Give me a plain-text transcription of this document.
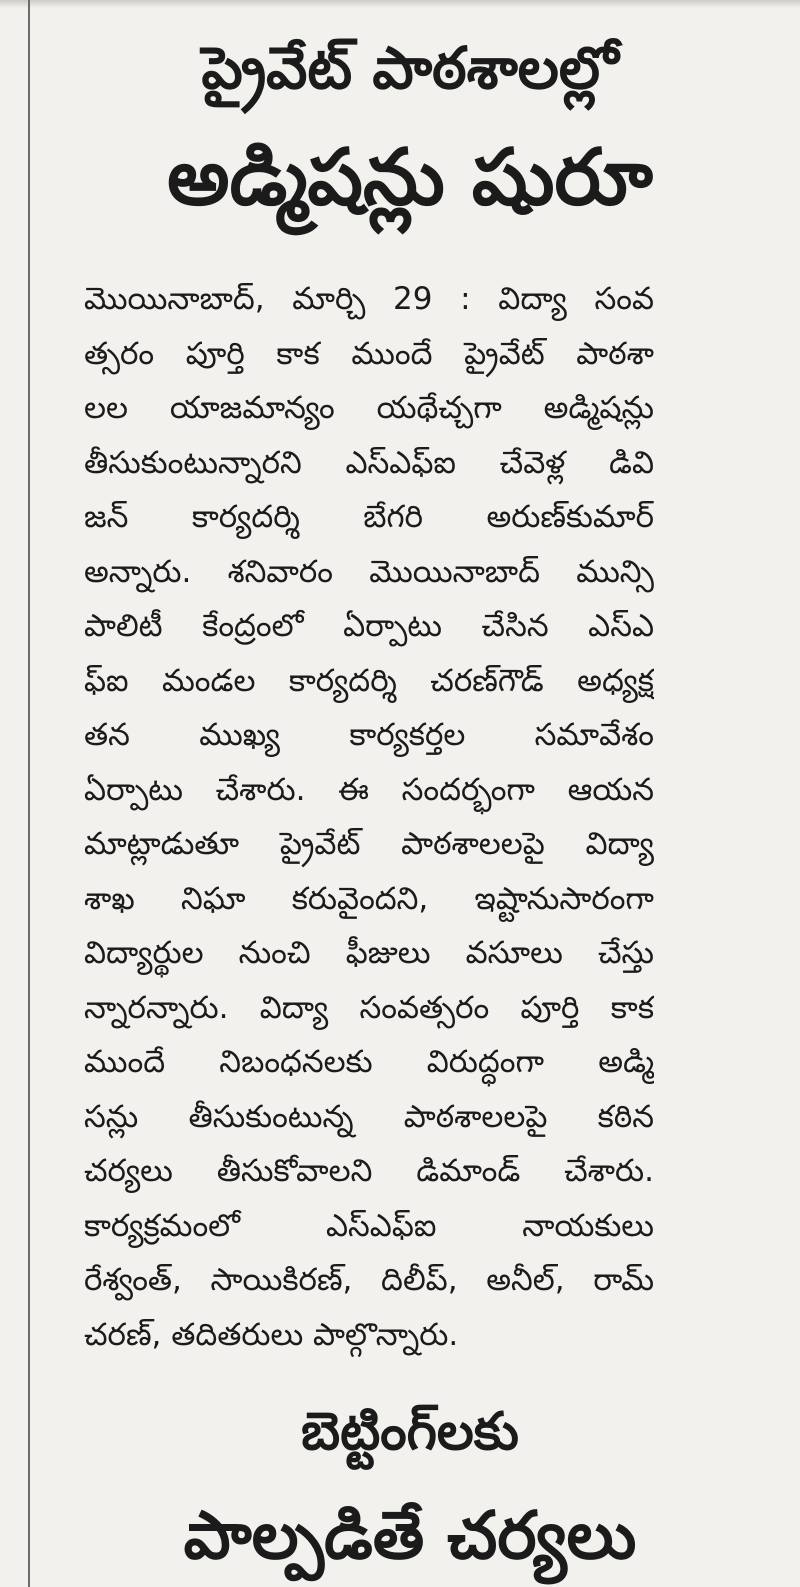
ప్రైవేట్ పాఠశాలల్లో
అడ్మిషన్లు షురూ
మొయినాబాద్, మార్చి 29 : విద్యా సంవ
త్సరం పూర్తి కాక ముందే ప్రైవేట్ పాఠశా
లల యాజమాన్యం యథేచ్చగా అడ్మిషన్లు
తీసుకుంటున్నారని ఎస్ఎఫ్ఐ చేవెళ్ల డివి
జన్ కార్యదర్శి బేగరి అరుణ్‌కుమార్
అన్నారు. శనివారం మొయినాబాద్ మున్సి
పాలిటీ కేంద్రంలో ఏర్పాటు చేసిన ఎస్ఎ
ఫ్ఐ మండల కార్యదర్శి చరణ్‌గౌడ్ అధ్యక్ష
తన ముఖ్య కార్యకర్తల సమావేశం
ఏర్పాటు చేశారు. ఈ సందర్భంగా ఆయన
మాట్లాడుతూ ప్రైవేట్ పాఠశాలలపై విద్యా
శాఖ నిఘా కరువైందని, ఇష్టానుసారంగా
విద్యార్థుల నుంచి ఫీజులు వసూలు చేస్తు
న్నారన్నారు. విద్యా సంవత్సరం పూర్తి కాక
ముందే నిబంధనలకు విరుద్ధంగా అడ్మి
సన్లు తీసుకుంటున్న పాఠశాలలపై కఠిన
చర్యలు తీసుకోవాలని డిమాండ్ చేశారు.
కార్యక్రమంలో ఎస్ఎఫ్ఐ నాయకులు
రేశ్వంత్, సాయికిరణ్, దిలీప్, అనీల్, రామ్
చరణ్, తదితరులు పాల్గొన్నారు.
బెట్టింగ్‌లకు
పాల్పడితే చర్యలు
